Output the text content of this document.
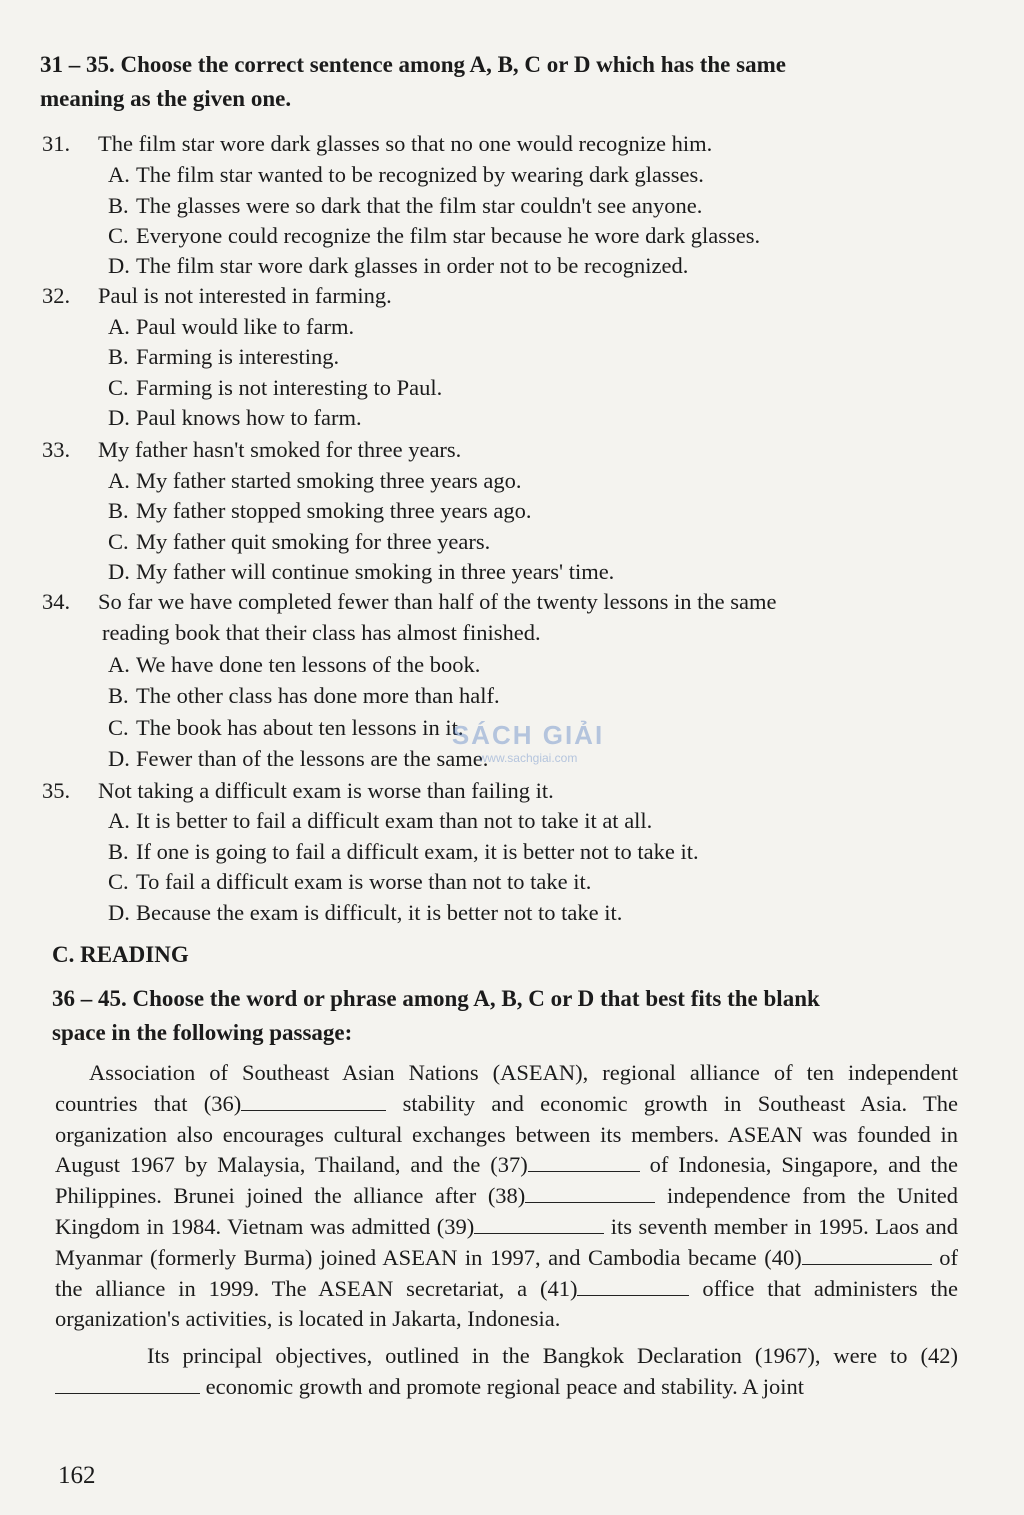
31 – 35. Choose the correct sentence among A, B, C or D which has the same
meaning as the given one.
31. The film star wore dark glasses so that no one would recognize him.
A. The film star wanted to be recognized by wearing dark glasses.
B. The glasses were so dark that the film star couldn't see anyone.
C. Everyone could recognize the film star because he wore dark glasses.
D. The film star wore dark glasses in order not to be recognized.
32. Paul is not interested in farming.
A. Paul would like to farm.
B. Farming is interesting.
C. Farming is not interesting to Paul.
D. Paul knows how to farm.
33. My father hasn't smoked for three years.
A. My father started smoking three years ago.
B. My father stopped smoking three years ago.
C. My father quit smoking for three years.
D. My father will continue smoking in three years' time.
34. So far we have completed fewer than half of the twenty lessons in the same
reading book that their class has almost finished.
A. We have done ten lessons of the book.
B. The other class has done more than half.
C. The book has about ten lessons in it.
D. Fewer than of the lessons are the same.
35. Not taking a difficult exam is worse than failing it.
A. It is better to fail a difficult exam than not to take it at all.
B. If one is going to fail a difficult exam, it is better not to take it.
C. To fail a difficult exam is worse than not to take it.
D. Because the exam is difficult, it is better not to take it.
SÁCH GIẢI
www.sachgiai.com
C. READING
36 – 45. Choose the word or phrase among A, B, C or D that best fits the blank
space in the following passage:

Association of Southeast Asian Nations (ASEAN), regional alliance of ten independent countries that (36)	stability and economic growth in Southeast Asia. The organization also encourages cultural exchanges between its members. ASEAN was founded in August 1967 by Malaysia, Thailand, and the (37)	of Indonesia, Singapore, and the Philippines. Brunei joined the alliance after (38)	independence from the United Kingdom in 1984. Vietnam was admitted (39)	its seventh member in 1995. Laos and Myanmar (formerly Burma) joined ASEAN in 1997, and Cambodia became (40)	of the alliance in 1999. The ASEAN secretariat, a (41)	office that administers the organization's activities, is located in Jakarta, Indonesia.

Its principal objectives, outlined in the Bangkok Declaration (1967), were to (42) economic growth and promote regional peace and stability. A joint

162
